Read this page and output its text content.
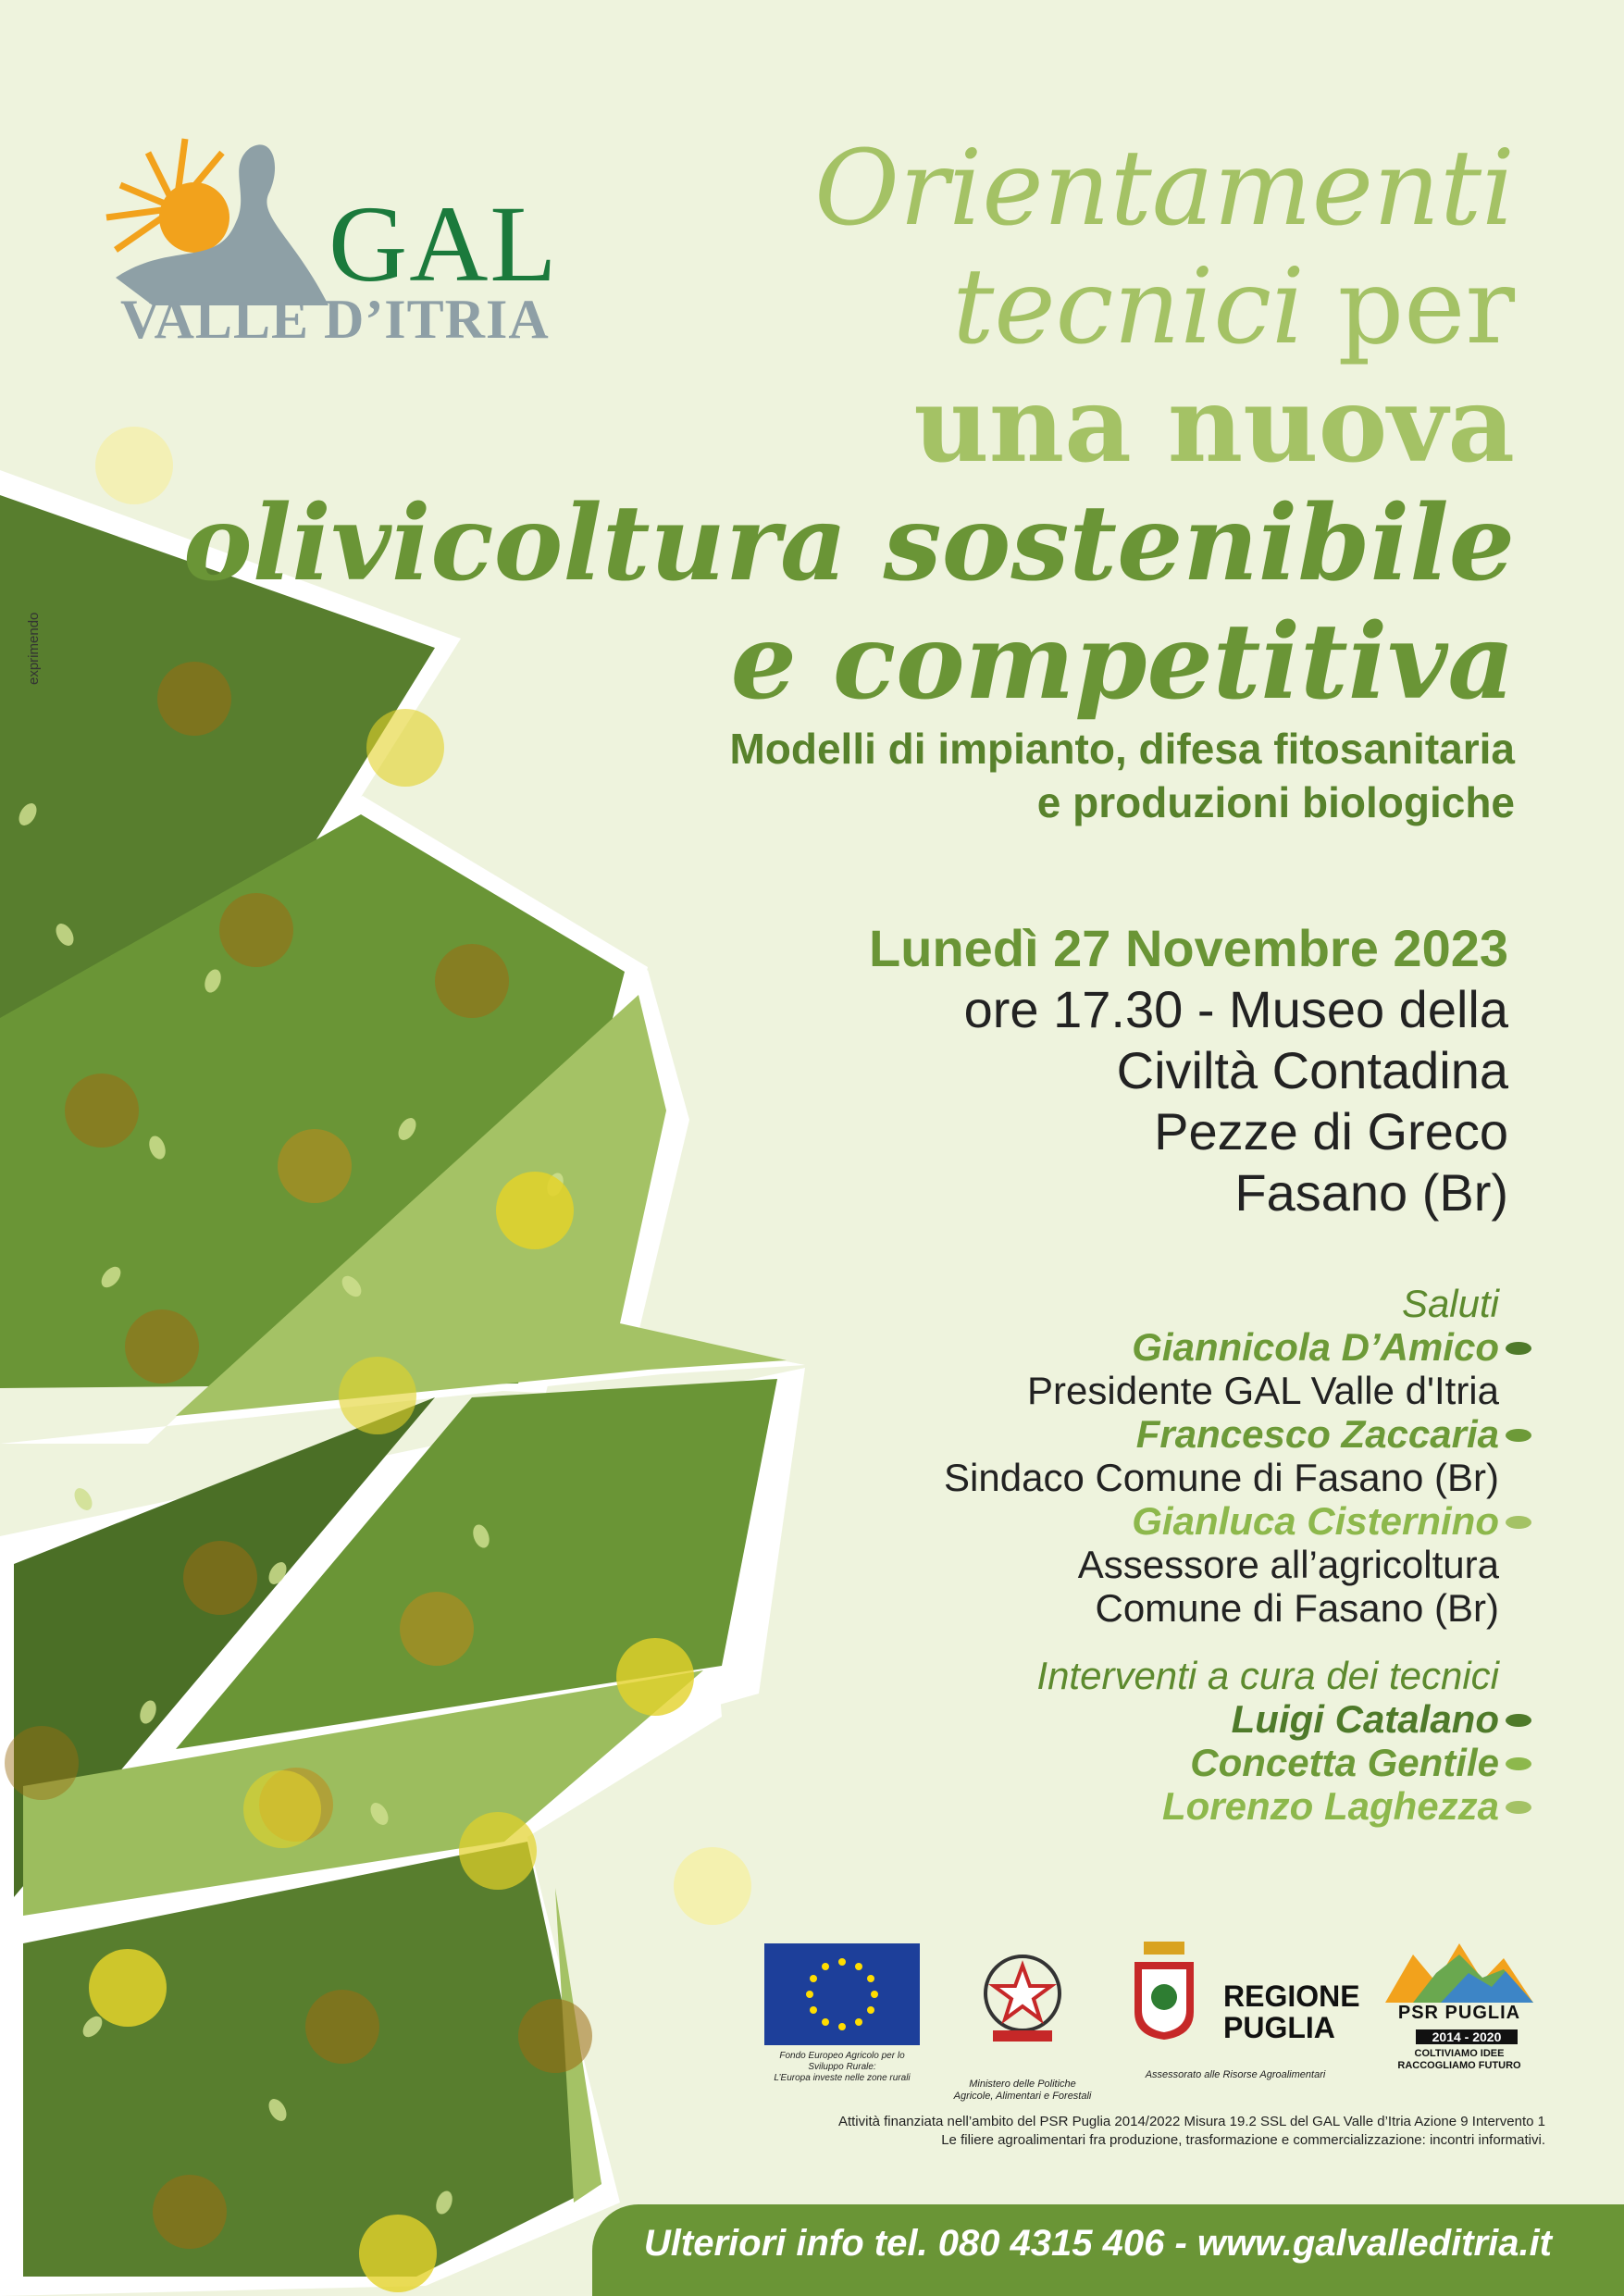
GAL
VALLE D’ITRIA
exprimendo
Orientamenti
tecnici per
una nuova
olivicoltura sostenibile
e competitiva
Modelli di impianto, difesa fitosanitaria
e produzioni biologiche
Lunedì 27 Novembre 2023
ore 17.30 - Museo della
Civiltà Contadina
Pezze di Greco
Fasano (Br)
Saluti
Giannicola D’Amico
Presidente GAL Valle d'Itria
Francesco Zaccaria
Sindaco Comune di Fasano (Br)
Gianluca Cisternino
Assessore all’agricoltura
Comune di Fasano (Br)
Interventi a cura dei tecnici
Luigi Catalano
Concetta Gentile
Lorenzo Laghezza
Fondo Europeo Agricolo per lo
Sviluppo Rurale:
L’Europa investe nelle zone rurali
Ministero delle Politiche
Agricole, Alimentari e Forestali
REGIONE
PUGLIA
Assessorato alle Risorse Agroalimentari
PSR PUGLIA
2014 - 2020
COLTIVIAMO IDEE
RACCOGLIAMO FUTURO
Attività finanziata nell’ambito del PSR Puglia 2014/2022 Misura 19.2 SSL del GAL Valle d’Itria Azione 9 Intervento 1
Le filiere agroalimentari fra produzione, trasformazione e commercializzazione: incontri informativi.
Ulteriori info tel. 080 4315 406 - www.galvalleditria.it
